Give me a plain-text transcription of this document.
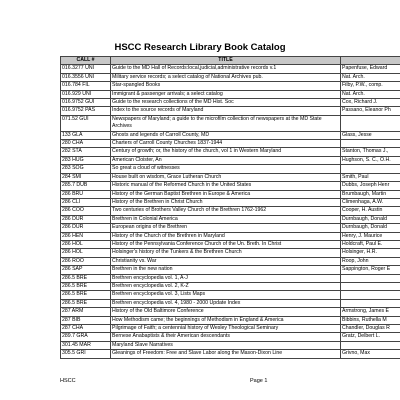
HSCC Research Library Book Catalog
CALL #	TITLE	
016.3277 UNI	Guide to the MD Hall of Records:local,judicial,administrative records v.1	Papenfuse, Edward
016.3556 UNI	Military service records; a select catalog of National Archives pub.	Nat. Arch.
016.784 FIL	Star-spangled Books	Filby, P.W., comp.
016.929 UNI	Immigrant & passenger arrivals; a select catalog	Nat. Arch.
016.9752 GUI	Guide to the research collections of the MD Hist. Soc	Cox, Richard J.
016.9752 PAS	Index to the source records of Maryland	Passano, Eleanor Ph
071.52 GUI	Newspapers of Maryland; a guide to the microfilm collection of newspapers at the MD State Archives	
133 GLA	Ghosts and legends of Carroll County, MD	Glass, Jesse
280 CHA	Charters of Carroll County Churches 1837-1944	
282 STA	Century of growth; or, the history of the church, vol 1 in Western Maryland	Stanton, Thomas J.,
283 HUG	American Cloister, An	Hughson, S. C., O.H.
283 SOG	So great a cloud of witnesses	
284 SMI	House built on wisdom, Grace Lutheran Church	Smith, Paul
285.7 DUB	Historic manual of the Reformed Church in the United States	Dubbs, Joseph Henr
286 BRU	History of the German Baptist Brethren in Europe & America	Brumbaugh, Martin
286 CLI	History of the Brethren in Christ Church	Climenhaga, A.W.
286 COO	Two centuries of Brothers Valley Church of the Brethren 1762-1962	Cooper, H. Austin
286 DUR	Brethren in Colonial America	Durnbaugh, Donald
286 DUR	European origins of the Brethren	Durnbaugh, Donald
286 HEN	History of the Church of the Brethren in Maryland	Henry, J. Maurice
286 HOL	History of the Pennsylvania Conference Church of the Un. Breth. In Christ	Holdcraft, Paul E.
286 HOL	Holsinger's history of the Tunkers & the Brethren Church	Holsinger, H.R.
286 ROO	Christianity vs. War	Roop, John
286 SAP	Brethren in the new nation	Sappington, Roger E
286.5 BRE	Brethren encyclopedia vol. 1, A-J	
286.5 BRE	Brethren encyclopedia vol. 2, K-Z	
286.5 BRE	Brethren encyclopedia vol. 3, Lists Maps	
286.5 BRE	Brethren encyclopedia vol. 4, 1980 - 2000 Update Index	
287 ARM	History of the Old Baltimore Conference	Armstrong, James E
287 BIB	How Methodism came; the beginnings of Methodism in England & America	Bibbins, Ruthella M
287 CHA	Pilgrimage of Faith; a centennial history of Wesley Theological Seminary	Chandler, Douglas R
289.7 GRA	Bernese Anabaptists & their American descendants	Gratz, Delbert L.
301.45 MAR	Maryland Slave Narratives	
305.5 GRI	Gleanings of Freedom: Free and Slave Labor along the Mason-Dixon Line	Grivno, Max
HSCC	Page 1
